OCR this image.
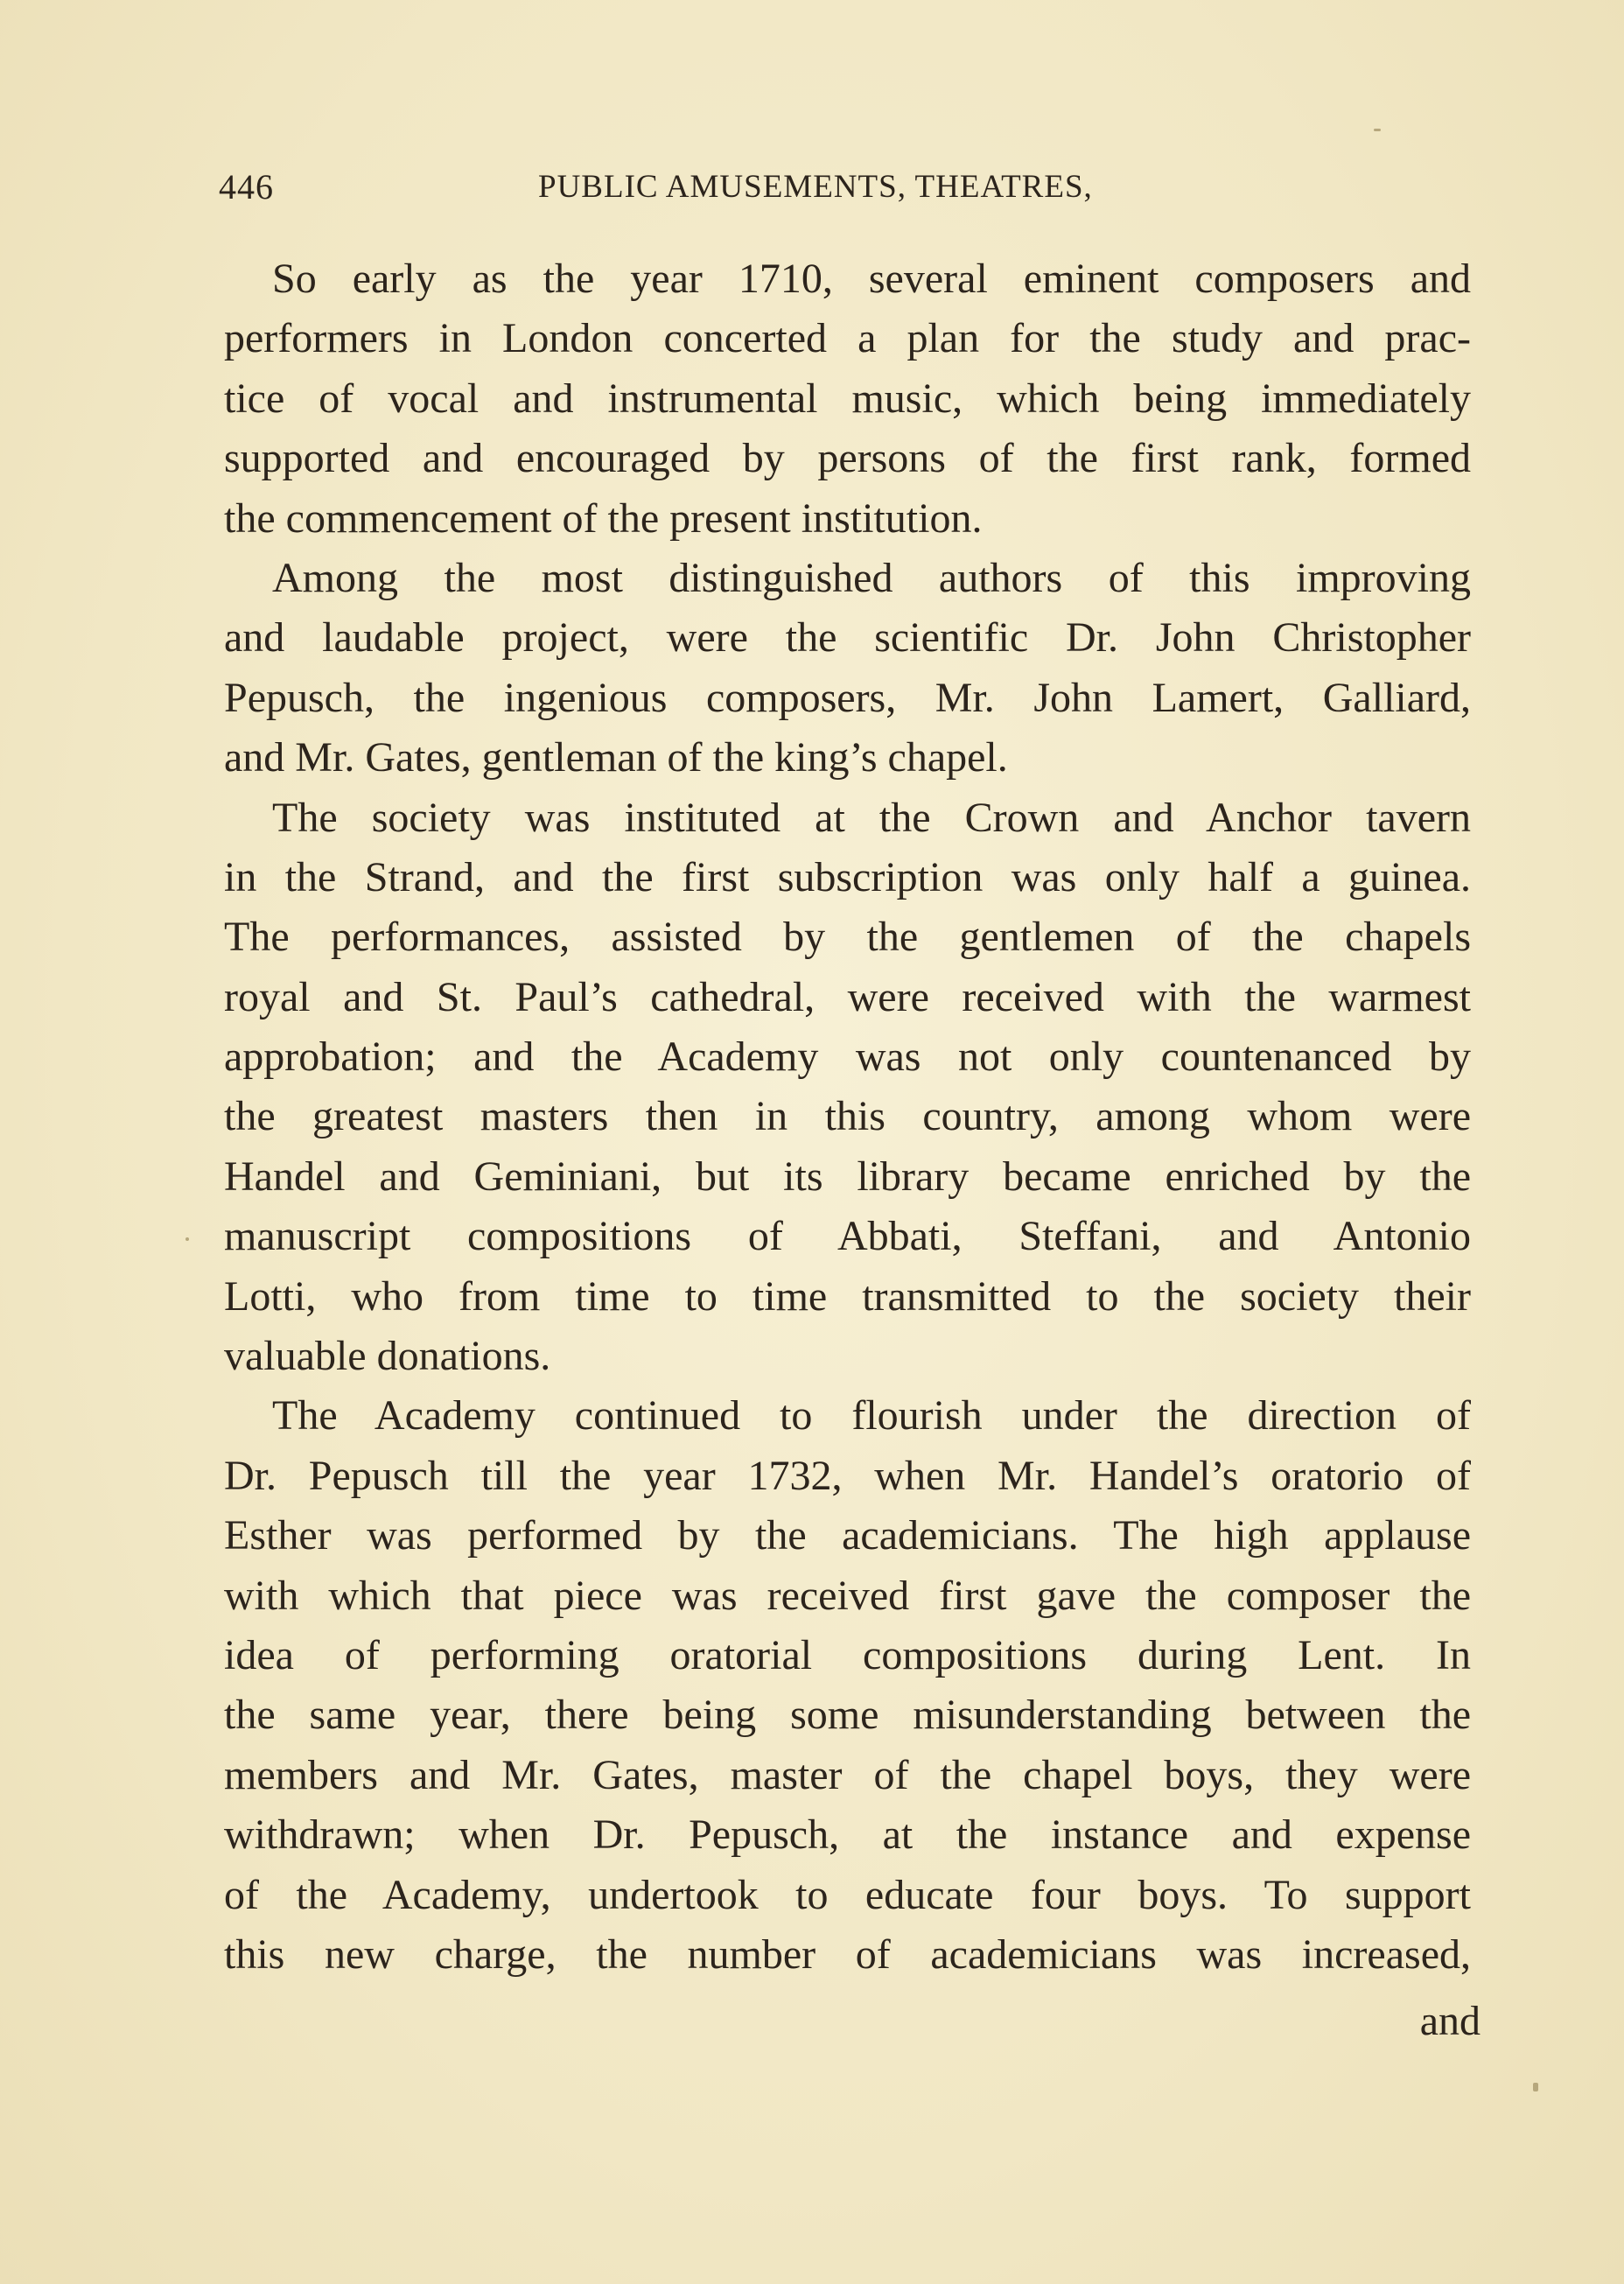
446	PUBLIC AMUSEMENTS, THEATRES,
So early as the year 1710, several eminent composers and
performers in London concerted a plan for the study and prac-
tice of vocal and instrumental music, which being immediately
supported and encouraged by persons of the first rank, formed
the commencement of the present institution.
Among the most distinguished authors of this improving
and laudable project, were the scientific Dr. John Christopher
Pepusch, the ingenious composers, Mr. John Lamert, Galliard,
and Mr. Gates, gentleman of the king’s chapel.
The society was instituted at the Crown and Anchor tavern
in the Strand, and the first subscription was only half a guinea.
The performances, assisted by the gentlemen of the chapels
royal and St. Paul’s cathedral, were received with the warmest
approbation; and the Academy was not only countenanced by
the greatest masters then in this country, among whom were
Handel and Geminiani, but its library became enriched by the
manuscript compositions of Abbati, Steffani, and Antonio
Lotti, who from time to time transmitted to the society their
valuable donations.
The Academy continued to flourish under the direction of
Dr. Pepusch till the year 1732, when Mr. Handel’s oratorio of
Esther was performed by the academicians. The high applause
with which that piece was received first gave the composer the
idea of performing oratorial compositions during Lent. In
the same year, there being some misunderstanding between the
members and Mr. Gates, master of the chapel boys, they were
withdrawn; when Dr. Pepusch, at the instance and expense
of the Academy, undertook to educate four boys. To support
this new charge, the number of academicians was increased,
and
